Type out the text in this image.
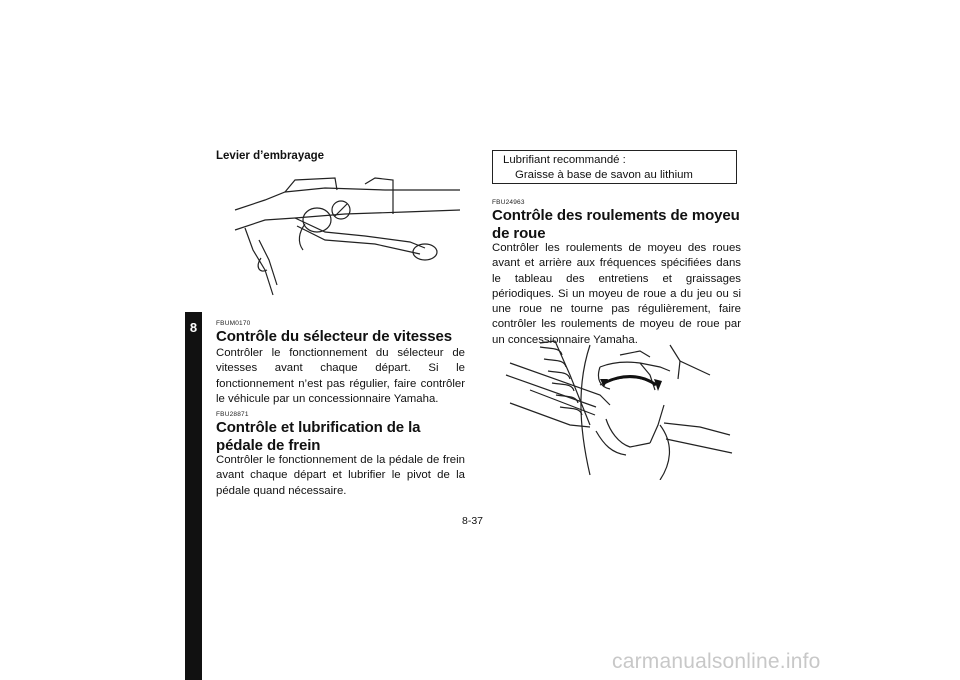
8
Levier d’embrayage
FBUM0170
Contrôle du sélecteur de vitesses
Contrôler le fonctionnement du sélecteur de vitesses avant chaque départ. Si le fonctionnement n’est pas régulier, faire contrôler le véhicule par un concessionnaire Yamaha.
FBU28871
Contrôle et lubrification de la pédale de frein
Contrôler le fonctionnement de la pédale de frein avant chaque départ et lubrifier le pivot de la pédale quand nécessaire.
Lubrifiant recommandé :
Graisse à base de savon au lithium
FBU24963
Contrôle des roulements de moyeu de roue
Contrôler les roulements de moyeu des roues avant et arrière aux fréquences spécifiées dans le tableau des entretiens et graissages périodiques. Si un moyeu de roue a du jeu ou si une roue ne tourne pas régulièrement, faire contrôler les roulements de moyeu de roue par un concessionnaire Yamaha.
8-37
carmanualsonline.info
